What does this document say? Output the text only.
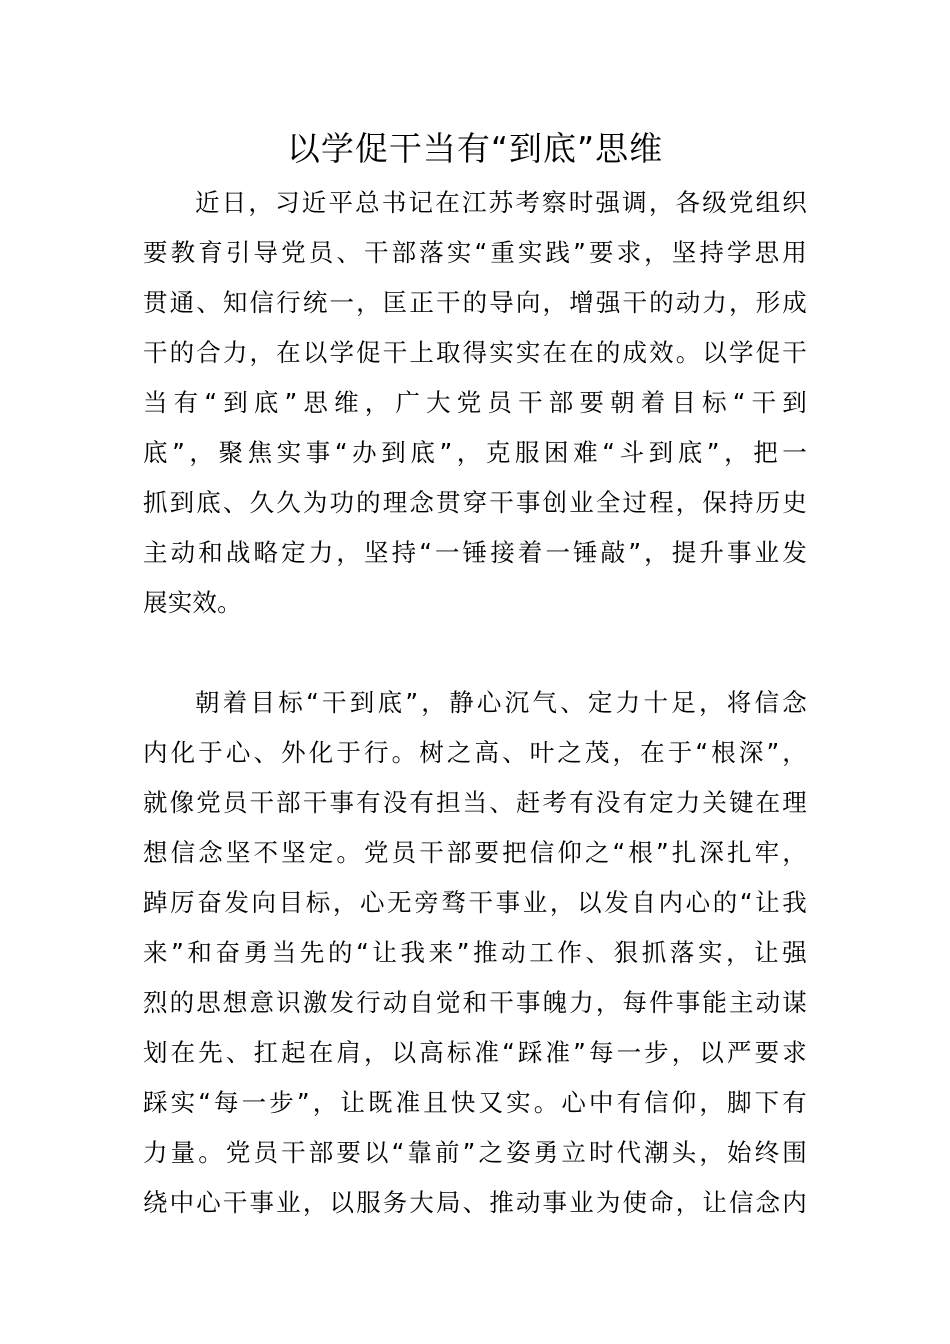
以学促干当有“到底”思维
近日，习近平总书记在江苏考察时强调，各级党组织
要教育引导党员、干部落实“重实践”要求，坚持学思用
贯通、知信行统一，匡正干的导向，增强干的动力，形成
干的合力，在以学促干上取得实实在在的成效。以学促干
当有“到底”思维，广大党员干部要朝着目标“干到
底”，聚焦实事“办到底”，克服困难“斗到底”，把一
抓到底、久久为功的理念贯穿干事创业全过程，保持历史
主动和战略定力，坚持“一锤接着一锤敲”，提升事业发
展实效。
朝着目标“干到底”，静心沉气、定力十足，将信念
内化于心、外化于行。树之高、叶之茂，在于“根深”，
就像党员干部干事有没有担当、赶考有没有定力关键在理
想信念坚不坚定。党员干部要把信仰之“根”扎深扎牢，
踔厉奋发向目标，心无旁骛干事业，以发自内心的“让我
来”和奋勇当先的“让我来”推动工作、狠抓落实，让强
烈的思想意识激发行动自觉和干事魄力，每件事能主动谋
划在先、扛起在肩，以高标准“踩准”每一步，以严要求
踩实“每一步”，让既准且快又实。心中有信仰，脚下有
力量。党员干部要以“靠前”之姿勇立时代潮头，始终围
绕中心干事业，以服务大局、推动事业为使命，让信念内
